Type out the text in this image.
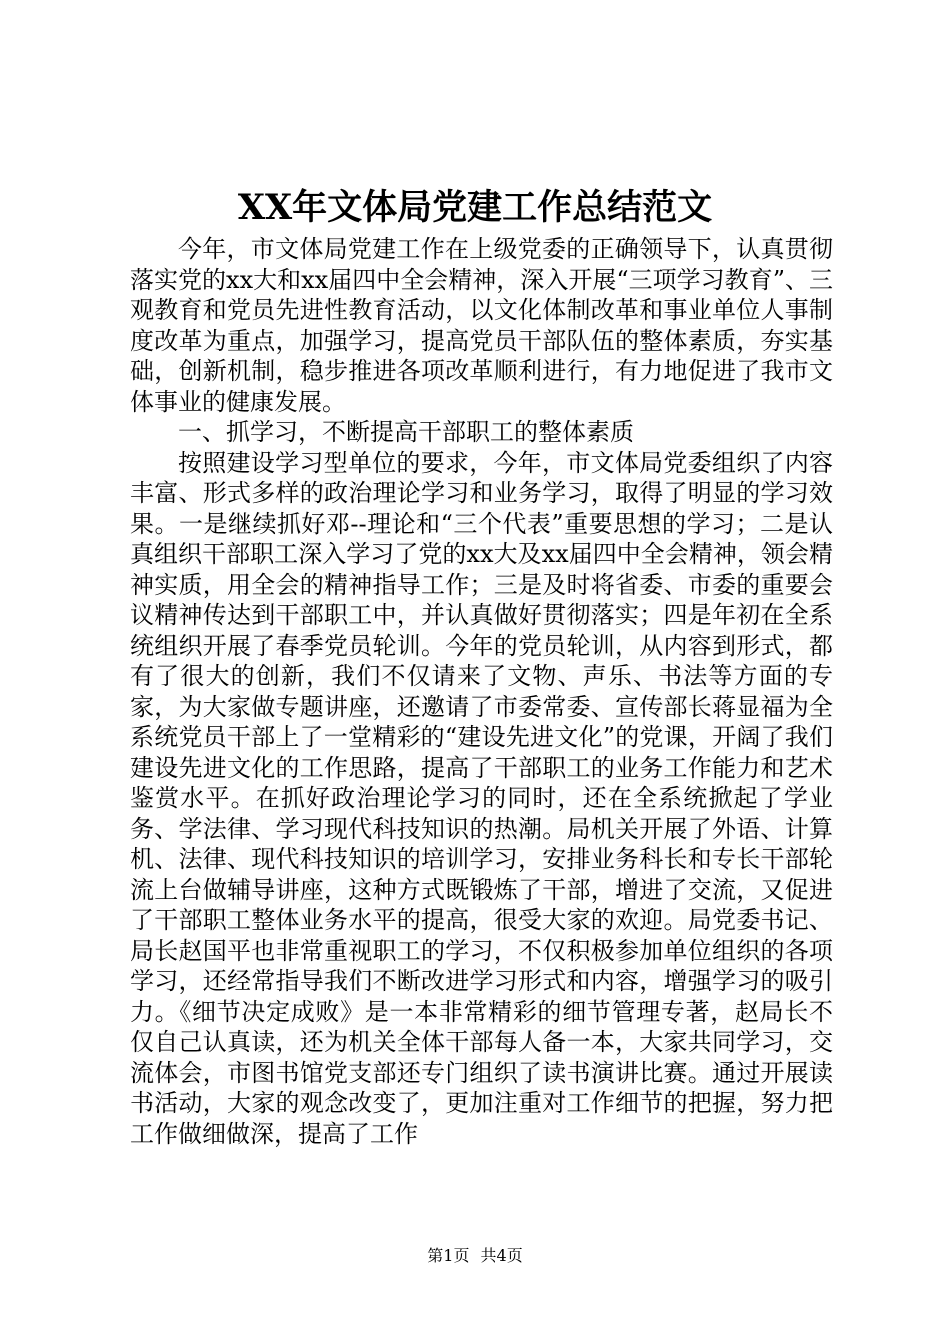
XX年文体局党建工作总结范文

今年，市文体局党建工作在上级党委的正确领导下，认真贯彻落实党的xx大和xx届四中全会精神，深入开展“三项学习教育”、三观教育和党员先进性教育活动，以文化体制改革和事业单位人事制度改革为重点，加强学习，提高党员干部队伍的整体素质，夯实基础，创新机制，稳步推进各项改革顺利进行，有力地促进了我市文体事业的健康发展。

一、抓学习，不断提高干部职工的整体素质

按照建设学习型单位的要求，今年，市文体局党委组织了内容丰富、形式多样的政治理论学习和业务学习，取得了明显的学习效果。一是继续抓好邓--理论和“三个代表”重要思想的学习；二是认真组织干部职工深入学习了党的xx大及xx届四中全会精神，领会精神实质，用全会的精神指导工作；三是及时将省委、市委的重要会议精神传达到干部职工中，并认真做好贯彻落实；四是年初在全系统组织开展了春季党员轮训。今年的党员轮训，从内容到形式，都有了很大的创新，我们不仅请来了文物、声乐、书法等方面的专家，为大家做专题讲座，还邀请了市委常委、宣传部长蒋显福为全系统党员干部上了一堂精彩的“建设先进文化”的党课，开阔了我们建设先进文化的工作思路，提高了干部职工的业务工作能力和艺术鉴赏水平。在抓好政治理论学习的同时，还在全系统掀起了学业务、学法律、学习现代科技知识的热潮。局机关开展了外语、计算机、法律、现代科技知识的培训学习，安排业务科长和专长干部轮流上台做辅导讲座，这种方式既锻炼了干部，增进了交流，又促进了干部职工整体业务水平的提高，很受大家的欢迎。局党委书记、局长赵国平也非常重视职工的学习，不仅积极参加单位组织的各项学习，还经常指导我们不断改进学习形式和内容，增强学习的吸引力。《细节决定成败》是一本非常精彩的细节管理专著，赵局长不仅自己认真读，还为机关全体干部每人备一本，大家共同学习，交流体会，市图书馆党支部还专门组织了读书演讲比赛。通过开展读书活动，大家的观念改变了，更加注重对工作细节的把握，努力把工作做细做深，提高了工作

第1页 共4页
